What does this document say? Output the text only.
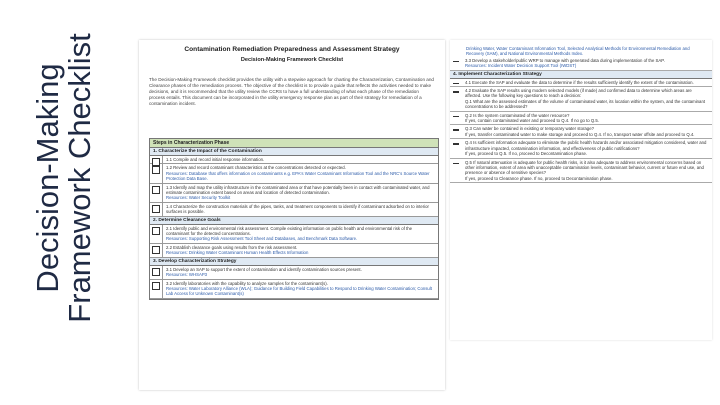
Decision-Making
Framework Checklist	Contamination Remediation Preparedness and Assessment Strategy
Decision-Making Framework Checklist
The Decision-Making Framework checklist provides the utility with a stepwise approach for charting the Characterization, Contamination and Clearance phases of the remediation process. The objective of the checklist is to provide a guide that reflects the activities needed to make decisions, and it is recommended that the utility review the CCRS to have a full understanding of what each phase of the remediation process entails. This document can be incorporated in the utility emergency response plan as part of their strategy for remediation of a contamination incident.
Steps in Characterization Phase
1. Characterize the Impact of the Contamination
1.1 Compile and record initial response information.
1.2 Review and record contaminant characteristics at the concentrations detected or expected.
Resources: Database that offers information on contaminants e.g. EPA's Water Contaminant Information Tool and the NRC's Source Water Protection Data Base.
1.3 Identify and map the utility infrastructure in the contaminated area or that have potentially been in contact with contaminated water, and estimate contamination extent based on areas and location of detected contamination.
Resources: Water Security Toolkit
1.4 Characterize the construction materials of the pipes, tanks, and treatment components to identify if contaminant adsorbed on to interior surfaces is possible.
2. Determine Clearance Goals
2.1 Identify public and environmental risk assessment. Compile existing information on public health and environmental risk of the contaminant for the detected concentrations.
Resources: Supporting Risk Assessment Tool Sheet and Databases, and Benchmark Data Software.
2.2 Establish clearance goals using results from the risk assessment.
Resources: Drinking Water Contaminant Human Health Effects Information
3. Develop Characterization Strategy
3.1 Develop an SAP to support the extent of contamination and identify contamination sources present.
Resources: WHSAP3
3.2 Identify laboratories with the capability to analyze samples for the contaminant(s).
Resources: Water Laboratory Alliance (WLA); Guidance for Building Field Capabilities to Respond to Drinking Water Contamination; Consult Lab Access for Unknown Contaminant(s)
Drinking Water, Water Contaminant Information Tool, Selected Analytical Methods for Environmental Remediation and Recovery (SAM), and National Environmental Methods Index.
3.3 Develop a stakeholder/public WRP to manage with generated data during implementation of the SAP.
Resources: Incident Water Decision Support Tool (IWDST)
4. Implement Characterization Strategy
4.1 Execute the SAP and evaluate the data to determine if the results sufficiently identify the extent of the contamination.
4.2 Evaluate the SAP results using modern selected models (if made) and confirmed data to determine which areas are affected. Use the following key questions to reach a decision:
Q.1 What are the assessed estimates of the volume of contaminated water, its location within the system, and the contaminant concentrations to be addressed?
Q.2 Is the system contaminated of the water resource?
If yes, contain contaminated water and proceed to Q.4. If no go to Q.5.
Q.3 Can water be contained in existing or temporary water storage?
If yes, transfer contaminated water to make storage and proceed to Q.4. If no, transport water offsite and proceed to Q.4.
Q.4 Is sufficient information adequate to eliminate the public health hazards and/or associated mitigation considered, water and infrastructure impacted, contamination information, and effectiveness of public notifications?
If yes, proceed to Q.5. If no, proceed to Decontamination phase.
Q.5 If natural attenuation is adequate for public health risks, is it also adequate to address environmental concerns based on other information, extent of area with unacceptable contamination levels, contaminant behavior, current or future end use, and presence or absence of sensitive species?
If yes, proceed to Clearance phase. If no, proceed to Decontamination phase.
